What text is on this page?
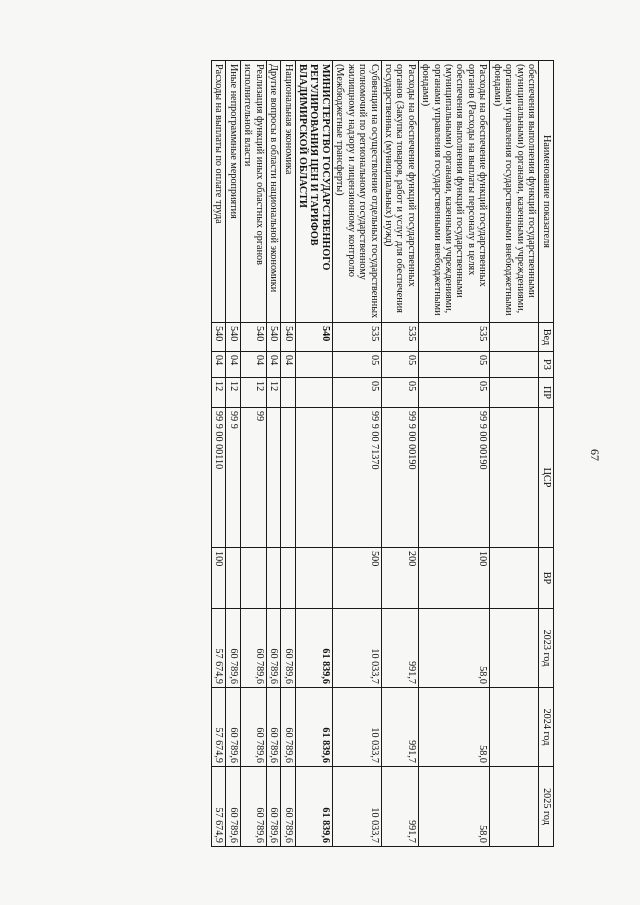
67
Наименование показателя	Вед	РЗ	ПР	ЦСР	ВР	2023 год	2024 год	2025 год
обеспечения выполнения функций государственными (муниципальными) органами, казенными учреждениями, органами управления государственными внебюджетными фондами)								
Расходы на обеспечение функций государственных органов (Расходы на выплаты персоналу в целях обеспечения выполнения функций государственными (муниципальными) органами, казенными учреждениями, органами управления государственными внебюджетными фондами)	535	05	05	99 9 00 00190	100	58,0	58,0	58,0
Расходы на обеспечение функций государственных органов (Закупка товаров, работ и услуг для обеспечения государственных (муниципальных) нужд)	535	05	05	99 9 00 00190	200	991,7	991,7	991,7
Субвенции на осуществление отдельных государственных полномочий по региональному государственному жилищному надзору и лицензионному контролю (Межбюджетные трансферты)	535	05	05	99 9 00 71370	500	10 033,7	10 033,7	10 033,7
МИНИСТЕРСТВО ГОСУДАРСТВЕННОГО РЕГУЛИРОВАНИЯ ЦЕН И ТАРИФОВ ВЛАДИМИРСКОЙ ОБЛАСТИ	540					61 839,6	61 839,6	61 839,6
Национальная экономика	540	04				60 789,6	60 789,6	60 789,6
Другие вопросы в области национальной экономики	540	04	12			60 789,6	60 789,6	60 789,6
Реализация функций иных областных органов исполнительной власти	540	04	12	99		60 789,6	60 789,6	60 789,6
Иные непрограммные мероприятия	540	04	12	99 9		60 789,6	60 789,6	60 789,6
Расходы на выплаты по оплате труда	540	04	12	99 9 00 00110	100	57 674,9	57 674,9	57 674,9
